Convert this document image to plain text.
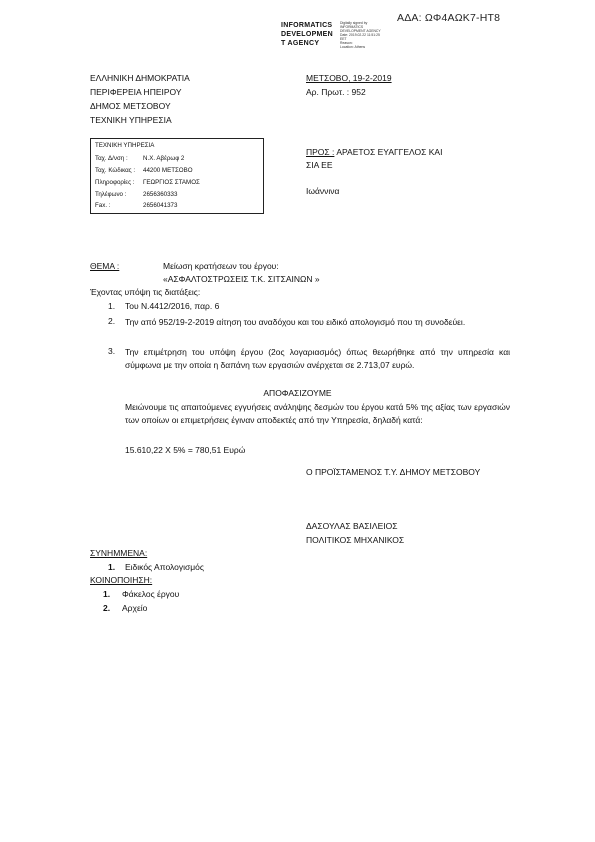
ΑΔΑ: ΩΦ4ΑΩΚ7-ΗΤ8
INFORMATICS
DEVELOPMEN
T AGENCY
Digitally signed by
INFORMATICS
DEVELOPMENT AGENCY
Date: 2019.02.22 11:51:25
EET
Reason:
Location: Athens
ΕΛΛΗΝΙΚΗ ΔΗΜΟΚΡΑΤΙΑ
ΠΕΡΙΦΕΡΕΙΑ ΗΠΕΙΡΟΥ
ΔΗΜΟΣ ΜΕΤΣΟΒΟΥ
ΤΕΧΝΙΚΗ ΥΠΗΡΕΣΙΑ
ΜΕΤΣΟΒΟ, 19-2-2019
Αρ. Πρωτ. : 952
ΤΕΧΝΙΚΗ ΥΠΗΡΕΣΙΑ
Ταχ. Δ/νση : Ν.Χ. Αβέρωφ 2
Ταχ. Κώδικας : 44200 ΜΕΤΣΟΒΟ
Πληροφορίες : ΓΕΩΡΓΙΟΣ ΣΤΑΜΟΣ
Τηλέφωνο :	2656360333
Fax. :	2656041373
ΠΡΟΣ : ΑΡΑΕΤΟΣ ΕΥΑΓΓΕΛΟΣ ΚΑΙ
ΣΙΑ ΕΕ
Ιωάννινα
ΘΕΜΑ :	Μείωση κρατήσεων του έργου:
«ΑΣΦΑΛΤΟΣΤΡΩΣΕΙΣ Τ.Κ. ΣΙΤΣΑΙΝΩΝ »
Έχοντας υπόψη τις διατάξεις:
1. Του Ν.4412/2016, παρ. 6
2. Την από 952/19-2-2019 αίτηση του αναδόχου και του ειδικό απολογισμό που τη συνοδεύει.
3. Την επιμέτρηση του υπόψη έργου (2ος λογαριασμός) όπως θεωρήθηκε από την υπηρεσία και σύμφωνα με την οποία η δαπάνη των εργασιών ανέρχεται σε 2.713,07 ευρώ.
ΑΠΟΦΑΣΙΖΟΥΜΕ
Μειώνουμε τις απαιτούμενες εγγυήσεις ανάληψης δεσμών του έργου κατά 5% της αξίας των εργασιών των οποίων οι επιμετρήσεις έγιναν αποδεκτές από την Υπηρεσία, δηλαδή κατά:
15.610,22 Χ 5% = 780,51 Ευρώ
Ο ΠΡΟΪΣΤΑΜΕΝΟΣ Τ.Υ. ΔΗΜΟΥ ΜΕΤΣΟΒΟΥ
ΔΑΣΟΥΛΑΣ ΒΑΣΙΛΕΙΟΣ
ΠΟΛΙΤΙΚΟΣ ΜΗΧΑΝΙΚΟΣ
ΣΥΝΗΜΜΕΝΑ:
1. Ειδικός Απολογισμός
ΚΟΙΝΟΠΟΙΗΣΗ:
1. Φάκελος έργου
2. Αρχείο
